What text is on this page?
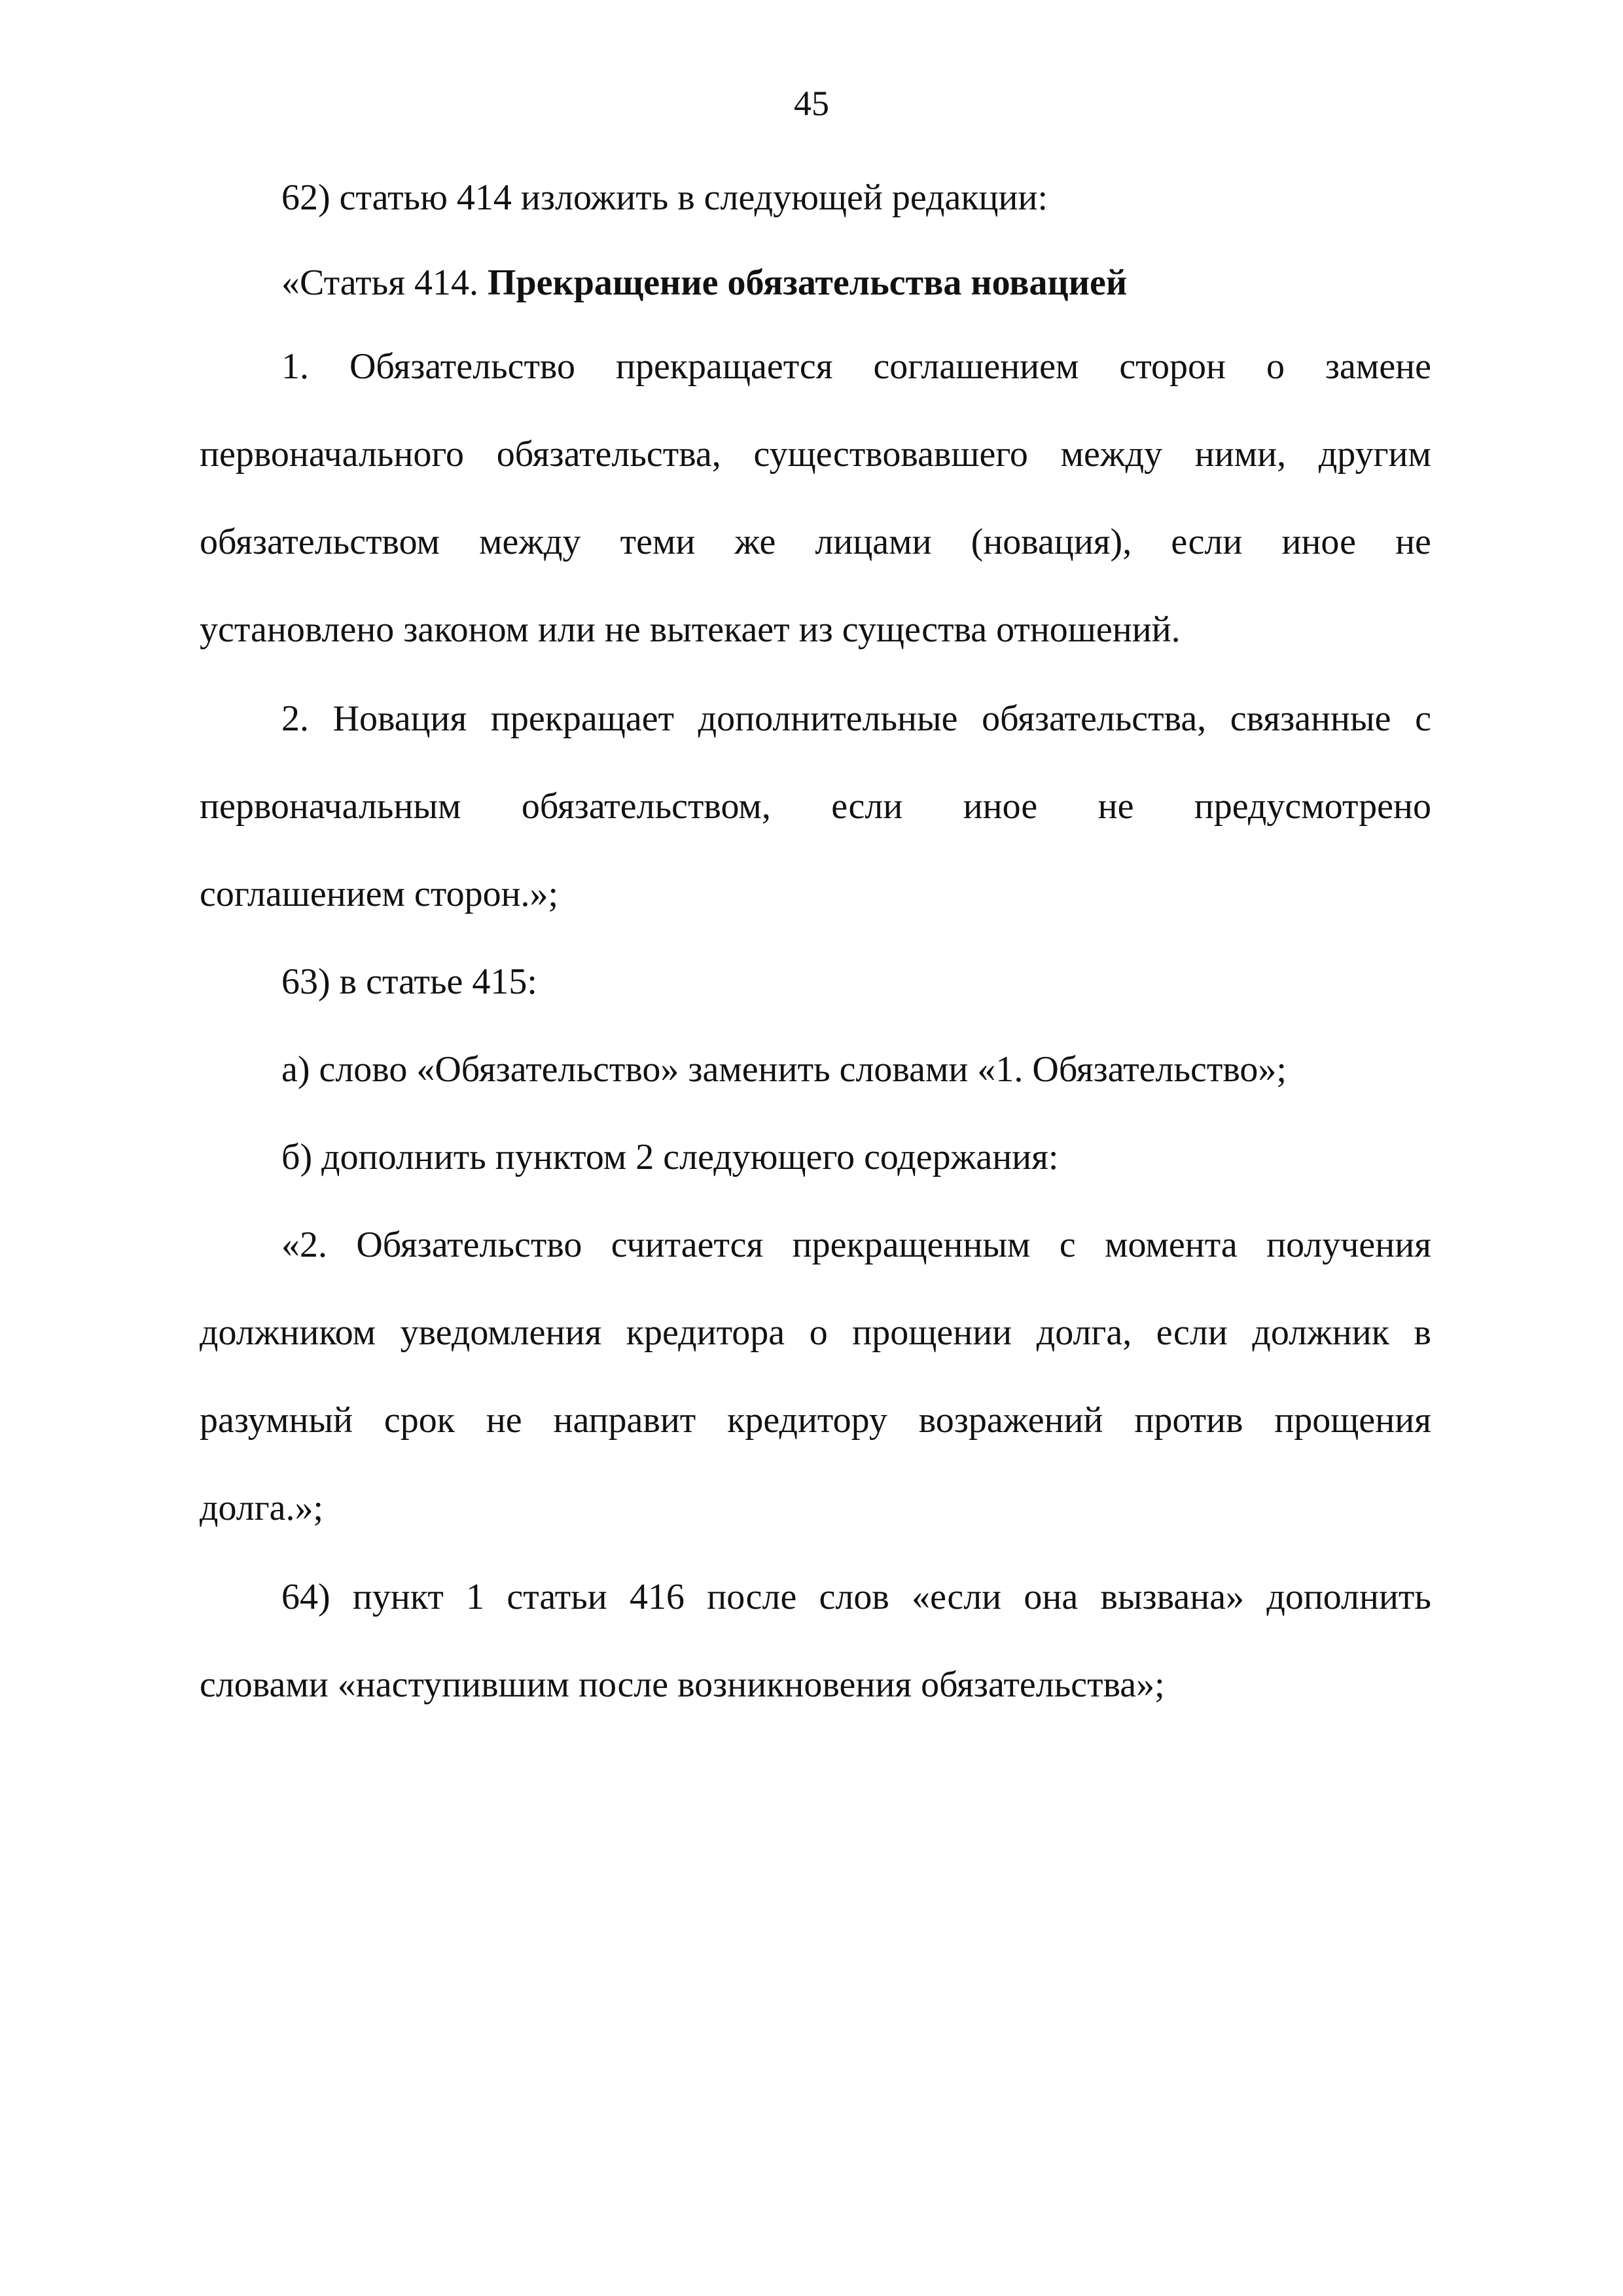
45
62) статью 414 изложить в следующей редакции:
«Статья 414. Прекращение обязательства новацией
1. Обязательство прекращается соглашением сторон о замене
первоначального обязательства, существовавшего между ними, другим
обязательством между теми же лицами (новация), если иное не
установлено законом или не вытекает из существа отношений.
2. Новация прекращает дополнительные обязательства, связанные с
первоначальным обязательством, если иное не предусмотрено
соглашением сторон.»;
63) в статье 415:
а) слово «Обязательство» заменить словами «1. Обязательство»;
б) дополнить пунктом 2 следующего содержания:
«2. Обязательство считается прекращенным с момента получения
должником уведомления кредитора о прощении долга, если должник в
разумный срок не направит кредитору возражений против прощения
долга.»;
64) пункт 1 статьи 416 после слов «если она вызвана» дополнить
словами «наступившим после возникновения обязательства»;
